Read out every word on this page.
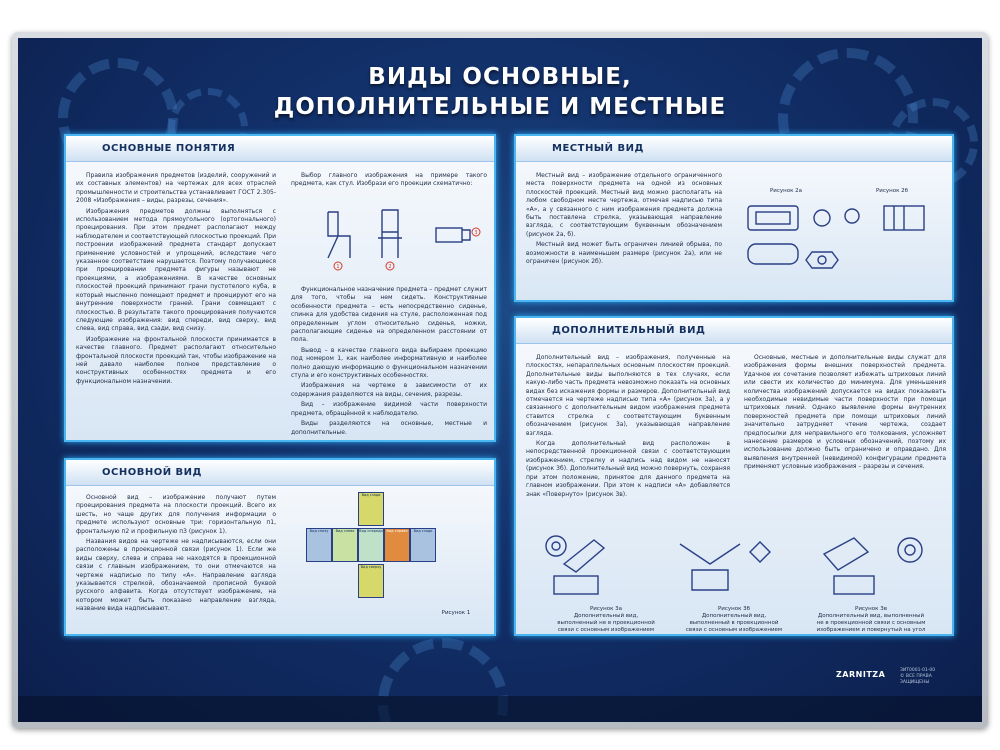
ВИДЫ ОСНОВНЫЕ,
ДОПОЛНИТЕЛЬНЫЕ И МЕСТНЫЕ
ОСНОВНЫЕ ПОНЯТИЯ

Правила изображения предметов (изделий, сооружений и их составных элементов) на чертежах для всех отраслей промышленности и строительства устанавливает ГОСТ 2.305-2008 «Изображения – виды, разрезы, сечения».

Изображения предметов должны выполняться с использованием метода прямоугольного (ортогонального) проецирования. При этом предмет располагают между наблюдателем и соответствующей плоскостью проекций. При построении изображений предмета стандарт допускает применение условностей и упрощений, вследствие чего указанное соответствие нарушается. Поэтому получающиеся при проецировании предмета фигуры называют не проекциями, а изображениями. В качестве основных плоскостей проекций принимают грани пустотелого куба, в который мысленно помещают предмет и проецируют его на внутренние поверхности граней. Грани совмещают с плоскостью. В результате такого проецирования получаются следующие изображения: вид спереди, вид сверху, вид слева, вид справа, вид сзади, вид снизу.

Изображение на фронтальной плоскости принимается в качестве главного. Предмет располагают относительно фронтальной плоскости проекций так, чтобы изображение на ней давало наиболее полное представление о конструктивных особенностях предмета и его функциональном назначении.

Выбор главного изображения на примере такого предмета, как стул. Изобрази его проекции схематично:

1	2
3

Функциональное назначение предмета – предмет служит для того, чтобы на нем сидеть. Конструктивные особенности предмета – есть непосредственно сиденье, спинка для удобства сидения на стуле, расположенная под определенным углом относительно сиденья, ножки, располагающие сиденье на определенном расстоянии от пола.

Вывод – в качестве главного вида выбираем проекцию под номером 1, как наиболее информативную и наиболее полно дающую информацию о функциональном назначении стула и его конструктивных особенностях.

Изображения на чертеже в зависимости от их содержания разделяются на виды, сечения, разрезы.

Вид – изображение видимой части поверхности предмета, обращённой к наблюдателю.

Виды разделяются на основные, местные и дополнительные.

ОСНОВНОЙ ВИД

Основной вид – изображение получают путем проецирования предмета на плоскости проекций. Всего их шесть, но чаще других для получения информации о предмете используют основные три: горизонтальную п1, фронтальную п2 и профильную п3 (рисунок 1).

Названия видов на чертеже не надписываются, если они расположены в проекционной связи (рисунок 1). Если же виды сверху, слева и справа не находятся в проекционной связи с главным изображением, то они отмечаются на чертеже надписью по типу «А». Направление взгляда указывается стрелкой, обозначаемой прописной буквой русского алфавита. Когда отсутствует изображение, на котором может быть показано направление взгляда, название вида надписывают.

Вид сзади
Вид снизу	Вид слева	Вид спереди	Вид справа	Вид сзади
Вид сверху
Рисунок 1
МЕСТНЫЙ ВИД

Местный вид – изображение отдельного ограниченного места поверхности предмета на одной из основных плоскостей проекций. Местный вид можно располагать на любом свободном месте чертежа, отмечая надписью типа «А», а у связанного с ним изображения предмета должна быть поставлена стрелка, указывающая направление взгляда, с соответствующим буквенным обозначением (рисунок 2а, б).

Местный вид может быть ограничен линией обрыва, по возможности в наименьшем размере (рисунок 2а), или не ограничен (рисунок 2б).

Рисунок 2а	Рисунок 2б
ДОПОЛНИТЕЛЬНЫЙ ВИД

Дополнительный вид – изображения, полученные на плоскостях, непараллельных основным плоскостям проекций. Дополнительные виды выполняются в тех случаях, если какую-либо часть предмета невозможно показать на основных видах без искажения формы и размеров. Дополнительный вид отмечается на чертеже надписью типа «А» (рисунок 3а), а у связанного с дополнительным видом изображения предмета ставится стрелка с соответствующим буквенным обозначением (рисунок 3а), указывающая направление взгляда.

Когда дополнительный вид расположен в непосредственной проекционной связи с соответствующим изображением, стрелку и надпись над видом не наносят (рисунок 3б). Дополнительный вид можно повернуть, сохраняя при этом положение, принятое для данного предмета на главном изображении. При этом к надписи «А» добавляется знак «Повернуто» (рисунок 3в).

Основные, местные и дополнительные виды служат для изображения формы внешних поверхностей предмета. Удачное их сочетание позволяет избежать штриховых линий или свести их количество до минимума. Для уменьшения количества изображений допускается на видах показывать необходимые невидимые части поверхности при помощи штриховых линий. Однако выявление формы внутренних поверхностей предмета при помощи штриховых линий значительно затрудняет чтение чертежа, создает предпосылки для неправильного его толкования, усложняет нанесение размеров и условных обозначений, поэтому их использование должно быть ограничено и оправдано. Для выявления внутренней (невидимой) конфигурации предмета применяют условные изображения – разрезы и сечения.

Рисунок 3а
Дополнительный вид, выполненный не в проекционной связи с основным изображением
Рисунок 3б
Дополнительный вид, выполненный в проекционной связи с основным изображением
Рисунок 3в
Дополнительный вид, выполненный не в проекционной связи с основным изображением и повернутый на угол
ZARNITZA	ЗИТ0001-01-00
© ВСЕ ПРАВА
ЗАЩИЩЕНЫ
